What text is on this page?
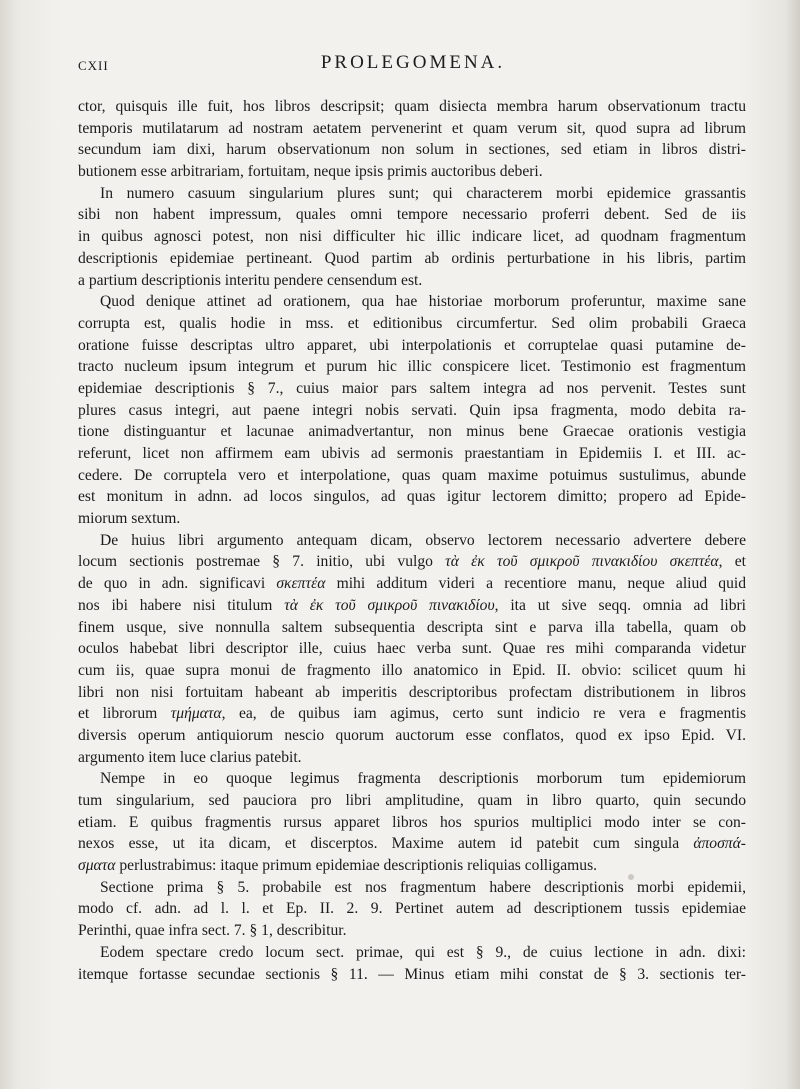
CXII	PROLEGOMENA.
ctor, quisquis ille fuit, hos libros descripsit; quam disiecta membra harum observationum tractu
temporis mutilatarum ad nostram aetatem pervenerint et quam verum sit, quod supra ad librum
secundum iam dixi, harum observationum non solum in sectiones, sed etiam in libros distri-
butionem esse arbitrariam, fortuitam, neque ipsis primis auctoribus deberi.
In numero casuum singularium plures sunt; qui characterem morbi epidemice grassantis
sibi non habent impressum, quales omni tempore necessario proferri debent. Sed de iis
in quibus agnosci potest, non nisi difficulter hic illic indicare licet, ad quodnam fragmentum
descriptionis epidemiae pertineant. Quod partim ab ordinis perturbatione in his libris, partim
a partium descriptionis interitu pendere censendum est.
Quod denique attinet ad orationem, qua hae historiae morborum proferuntur, maxime sane
corrupta est, qualis hodie in mss. et editionibus circumfertur. Sed olim probabili Graeca
oratione fuisse descriptas ultro apparet, ubi interpolationis et corruptelae quasi putamine de-
tracto nucleum ipsum integrum et purum hic illic conspicere licet. Testimonio est fragmentum
epidemiae descriptionis § 7., cuius maior pars saltem integra ad nos pervenit. Testes sunt
plures casus integri, aut paene integri nobis servati. Quin ipsa fragmenta, modo debita ra-
tione distinguantur et lacunae animadvertantur, non minus bene Graecae orationis vestigia
referunt, licet non affirmem eam ubivis ad sermonis praestantiam in Epidemiis I. et III. ac-
cedere. De corruptela vero et interpolatione, quas quam maxime potuimus sustulimus, abunde
est monitum in adnn. ad locos singulos, ad quas igitur lectorem dimitto; propero ad Epide-
miorum sextum.
De huius libri argumento antequam dicam, observo lectorem necessario advertere debere
locum sectionis postremae § 7. initio, ubi vulgo τὰ ἐκ τοῦ σμικροῦ πινακιδίου σκεπτέα, et
de quo in adn. significavi σκεπτέα mihi additum videri a recentiore manu, neque aliud quid
nos ibi habere nisi titulum τὰ ἐκ τοῦ σμικροῦ πινακιδίου, ita ut sive seqq. omnia ad libri
finem usque, sive nonnulla saltem subsequentia descripta sint e parva illa tabella, quam ob
oculos habebat libri descriptor ille, cuius haec verba sunt. Quae res mihi comparanda videtur
cum iis, quae supra monui de fragmento illo anatomico in Epid. II. obvio: scilicet quum hi
libri non nisi fortuitam habeant ab imperitis descriptoribus profectam distributionem in libros
et librorum τμήματα, ea, de quibus iam agimus, certo sunt indicio re vera e fragmentis
diversis operum antiquiorum nescio quorum auctorum esse conflatos, quod ex ipso Epid. VI.
argumento item luce clarius patebit.
Nempe in eo quoque legimus fragmenta descriptionis morborum tum epidemiorum
tum singularium, sed pauciora pro libri amplitudine, quam in libro quarto, quin secundo
etiam. E quibus fragmentis rursus apparet libros hos spurios multiplici modo inter se con-
nexos esse, ut ita dicam, et discerptos. Maxime autem id patebit cum singula ἀποσπά-
σματα perlustrabimus: itaque primum epidemiae descriptionis reliquias colligamus.
Sectione prima § 5. probabile est nos fragmentum habere descriptionis morbi epidemii,
modo cf. adn. ad l. l. et Ep. II. 2. 9. Pertinet autem ad descriptionem tussis epidemiae
Perinthi, quae infra sect. 7. § 1, describitur.
Eodem spectare credo locum sect. primae, qui est § 9., de cuius lectione in adn. dixi:
itemque fortasse secundae sectionis § 11. — Minus etiam mihi constat de § 3. sectionis ter-
